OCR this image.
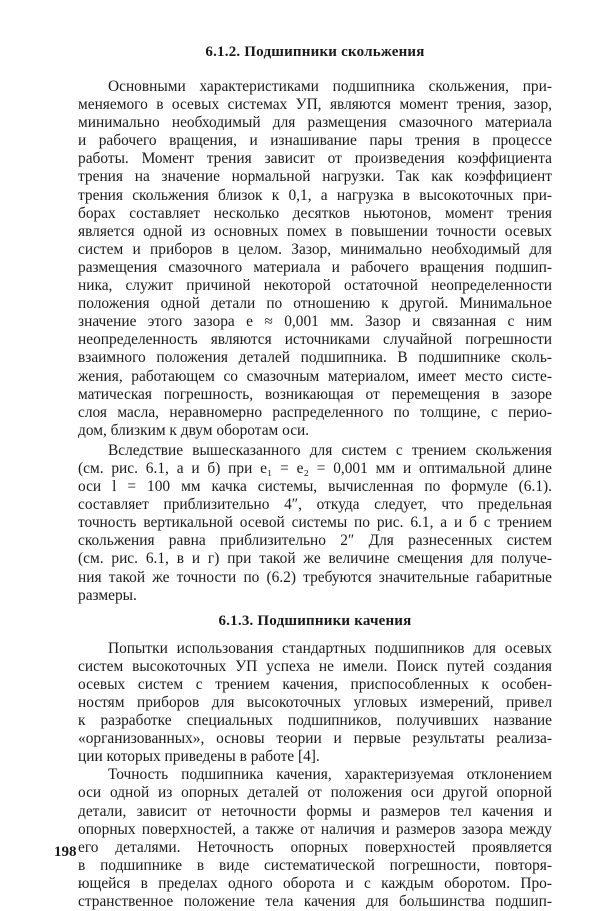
6.1.2. Подшипники скольжения

Основными характеристиками подшипника скольжения, при-
меняемого в осевых системах УП, являются момент трения, зазор,
минимально необходимый для размещения смазочного материала
и рабочего вращения, и изнашивание пары трения в процессе
работы. Момент трения зависит от произведения коэффициента
трения на значение нормальной нагрузки. Так как коэффициент
трения скольжения близок к 0,1, а нагрузка в высокоточных при-
борах составляет несколько десятков ньютонов, момент трения
является одной из основных помех в повышении точности осевых
систем и приборов в целом. Зазор, минимально необходимый для
размещения смазочного материала и рабочего вращения подшип-
ника, служит причиной некоторой остаточной неопределенности
положения одной детали по отношению к другой. Минимальное
значение этого зазора e ≈ 0,001 мм. Зазор и связанная с ним
неопределенность являются источниками случайной погрешности
взаимного положения деталей подшипника. В подшипнике сколь-
жения, работающем со смазочным материалом, имеет место систе-
матическая погрешность, возникающая от перемещения в зазоре
слоя масла, неравномерно распределенного по толщине, с перио-
дом, близким к двум оборотам оси.

Вследствие вышесказанного для систем с трением скольжения
(см. рис. 6.1, а и б) при e₁ = e₂ = 0,001 мм и оптимальной длине
оси l = 100 мм качка системы, вычисленная по формуле (6.1).
составляет приблизительно 4″, откуда следует, что предельная
точность вертикальной осевой системы по рис. 6.1, а и б с трением
скольжения равна приблизительно 2″ Для разнесенных систем
(см. рис. 6.1, в и г) при такой же величине смещения для получе-
ния такой же точности по (6.2) требуются значительные габаритные
размеры.

6.1.3. Подшипники качения

Попытки использования стандартных подшипников для осевых
систем высокоточных УП успеха не имели. Поиск путей создания
осевых систем с трением качения, приспособленных к особен-
ностям приборов для высокоточных угловых измерений, привел
к разработке специальных подшипников, получивших название
«организованных», основы теории и первые результаты реализа-
ции которых приведены в работе [4].

Точность подшипника качения, характеризуемая отклонением
оси одной из опорных деталей от положения оси другой опорной
детали, зависит от неточности формы и размеров тел качения и
опорных поверхностей, а также от наличия и размеров зазора между
его деталями. Неточность опорных поверхностей проявляется
в подшипнике в виде систематической погрешности, повторя-
ющейся в пределах одного оборота и с каждым оборотом. Про-
странственное положение тела качения для большинства подшип-

198
